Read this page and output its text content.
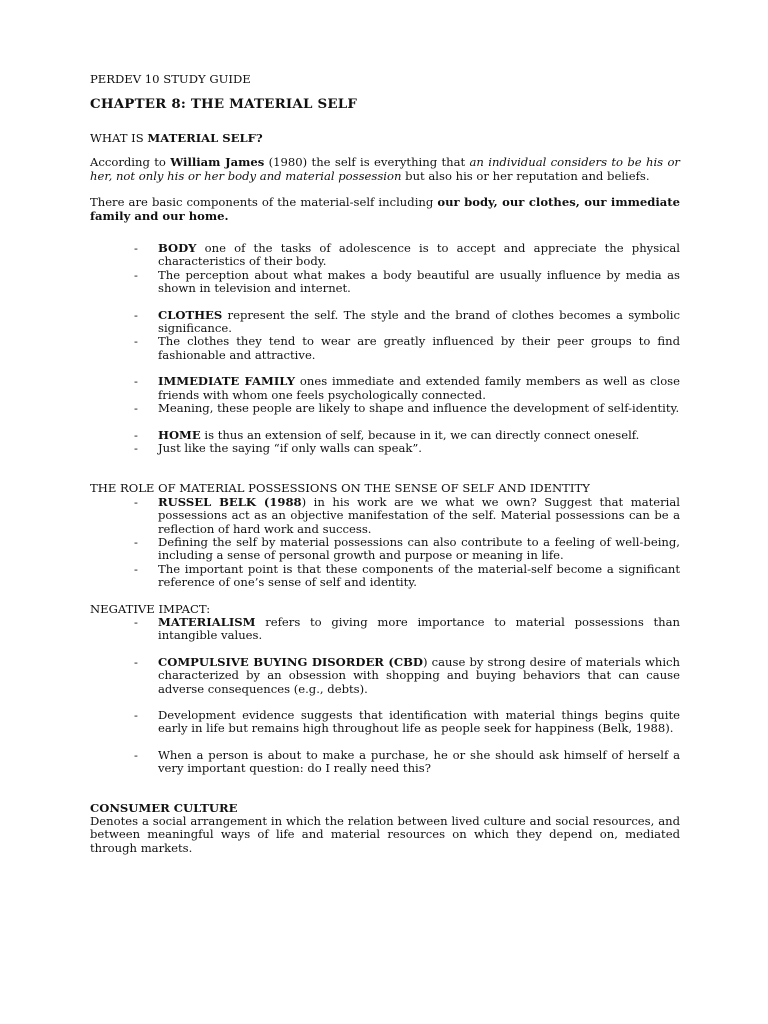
PERDEV 10 STUDY GUIDE

CHAPTER 8: THE MATERIAL SELF

WHAT IS MATERIAL SELF?

According to William James (1980) the self is everything that an individual considers to be his or her, not only his or her body and material possession but also his or her reputation and beliefs.

There are basic components of the material-self including our body, our clothes, our immediate family and our home.

- BODY one of the tasks of adolescence is to accept and appreciate the physical characteristics of their body.
- The perception about what makes a body beautiful are usually influence by media as shown in television and internet.
- CLOTHES represent the self. The style and the brand of clothes becomes a symbolic significance.
- The clothes they tend to wear are greatly influenced by their peer groups to find fashionable and attractive.
- IMMEDIATE FAMILY ones immediate and extended family members as well as close friends with whom one feels psychologically connected.
- Meaning, these people are likely to shape and influence the development of self-identity.
- HOME is thus an extension of self, because in it, we can directly connect oneself.
- Just like the saying “if only walls can speak”.

THE ROLE OF MATERIAL POSSESSIONS ON THE SENSE OF SELF AND IDENTITY

- RUSSEL BELK (1988) in his work are we what we own? Suggest that material possessions act as an objective manifestation of the self. Material possessions can be a reflection of hard work and success.
- Defining the self by material possessions can also contribute to a feeling of well-being, including a sense of personal growth and purpose or meaning in life.
- The important point is that these components of the material-self become a significant reference of one’s sense of self and identity.

NEGATIVE IMPACT:

- MATERIALISM refers to giving more importance to material possessions than intangible values.
- COMPULSIVE BUYING DISORDER (CBD) cause by strong desire of materials which characterized by an obsession with shopping and buying behaviors that can cause adverse consequences (e.g., debts).
- Development evidence suggests that identification with material things begins quite early in life but remains high throughout life as people seek for happiness (Belk, 1988).
- When a person is about to make a purchase, he or she should ask himself of herself a very important question: do I really need this?

CONSUMER CULTURE

Denotes a social arrangement in which the relation between lived culture and social resources, and between meaningful ways of life and material resources on which they depend on, mediated through markets.
